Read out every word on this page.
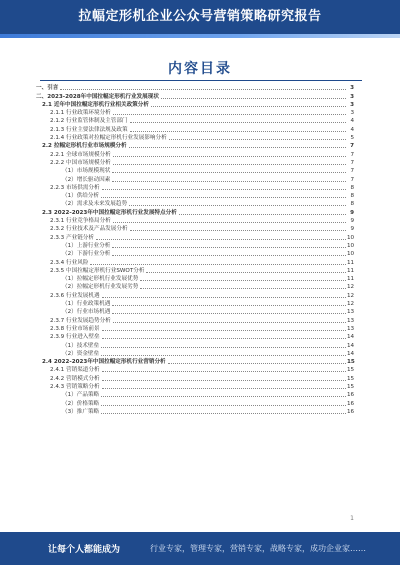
拉幅定形机企业公众号营销策略研究报告
内容目录
一、引言	3
二、2023-2028年中国拉幅定形机行业发展现状	3
2.1 近年中国拉幅定形机行业相关政策分析	3
2.1.1 行业政策环境分析	3
2.1.2 行业监管体制及主管部门	4
2.1.3 行业主要法律法规及政策	4
2.1.4 行业政策对拉幅定形机行业发展影响分析	5
2.2 拉幅定形机行业市场规模分析	7
2.2.1 全球市场规模分析	7
2.2.2 中国市场规模分析	7
（1）市场规模现状	7
（2）增长驱动因素	7
2.2.3 市场供需分析	8
（1）供给分析	8
（2）需求及未来发展趋势	8
2.3 2022-2023年中国拉幅定形机行业发展特点分析	9
2.3.1 行业竞争格局分析	9
2.3.2 行业技术及产品发展分析	9
2.3.3 产业链分析	10
（1）上游行业分析	10
（2）下游行业分析	10
2.3.4 行业风险	11
2.3.5 中国拉幅定形机行业SWOT分析	11
（1）拉幅定形机行业发展优势	11
（2）拉幅定形机行业发展劣势	12
2.3.6 行业发展机遇	12
（1）行业政策机遇	12
（2）行业市场机遇	13
2.3.7 行业发展趋势分析	13
2.3.8 行业市场前景	13
2.3.9 行业进入壁垒	14
（1）技术壁垒	14
（2）资金壁垒	14
2.4 2022-2023年中国拉幅定形机行业营销分析	15
2.4.1 营销渠道分析	15
2.4.2 营销模式分析	15
2.4.3 营销策略分析	15
（1）产品策略	16
（2）价格策略	16
（3）推广策略	16
1
让每个人都能成为	行业专家，管理专家，营销专家，战略专家，成功企业家……
